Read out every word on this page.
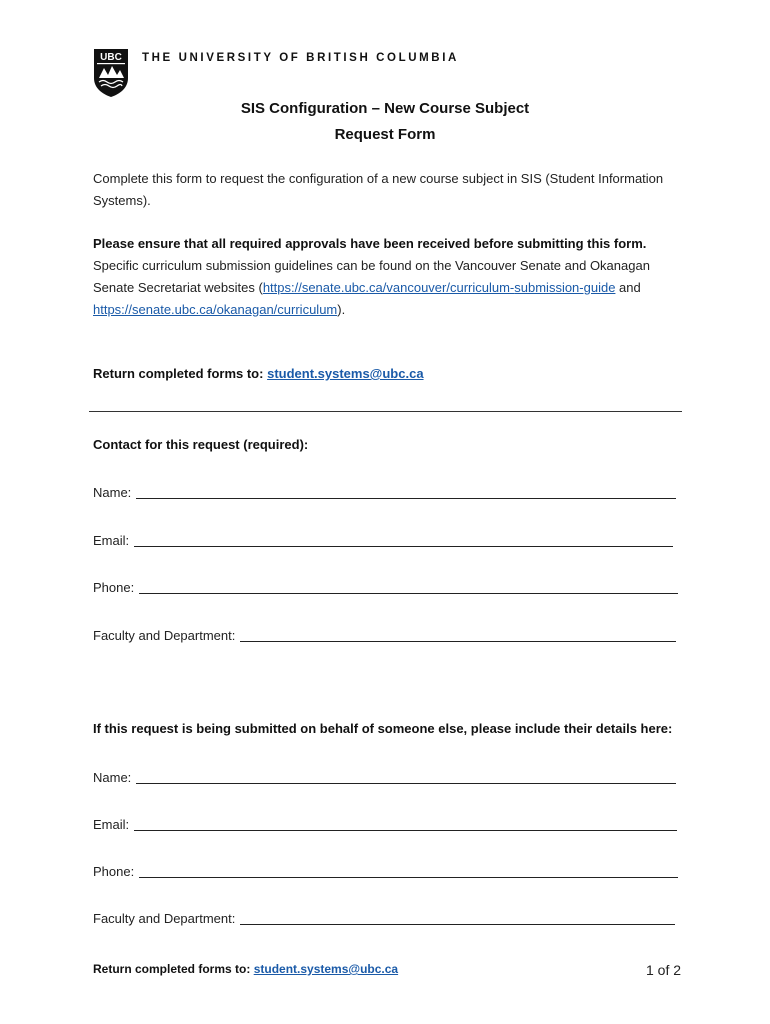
UBC THE UNIVERSITY OF BRITISH COLUMBIA
SIS Configuration – New Course Subject
Request Form
Complete this form to request the configuration of a new course subject in SIS (Student Information Systems).
Please ensure that all required approvals have been received before submitting this form. Specific curriculum submission guidelines can be found on the Vancouver Senate and Okanagan Senate Secretariat websites (https://senate.ubc.ca/vancouver/curriculum-submission-guide and https://senate.ubc.ca/okanagan/curriculum).
Return completed forms to: student.systems@ubc.ca
Contact for this request (required):
Name:
Email:
Phone:
Faculty and Department:
If this request is being submitted on behalf of someone else, please include their details here:
Name:
Email:
Phone:
Faculty and Department:
Return completed forms to: student.systems@ubc.ca	1 of 2
